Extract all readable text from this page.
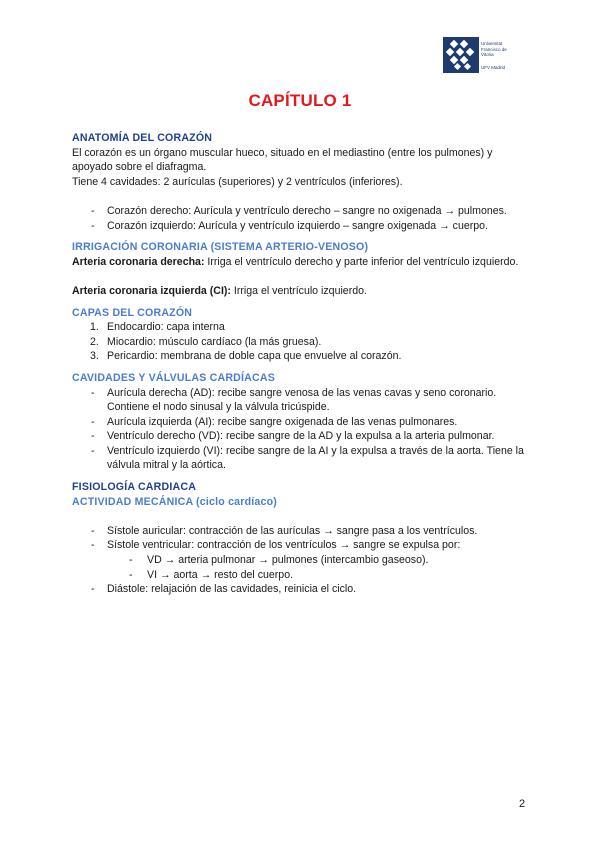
Universitat
Francisco de
Vitoria
UFV Madrid
CAPÍTULO 1
ANATOMÍA DEL CORAZÓN

El corazón es un órgano muscular hueco, situado en el mediastino (entre los pulmones) y apoyado sobre el diafragma.

Tiene 4 cavidades: 2 aurículas (superiores) y 2 ventrículos (inferiores).

- Corazón derecho: Aurícula y ventrículo derecho – sangre no oxigenada → pulmones.
- Corazón izquierdo: Aurícula y ventrículo izquierdo – sangre oxigenada → cuerpo.
IRRIGACIÓN CORONARIA (SISTEMA ARTERIO-VENOSO)

Arteria coronaria derecha: Irriga el ventrículo derecho y parte inferior del ventrículo izquierdo.

Arteria coronaria izquierda (CI): Irriga el ventrículo izquierdo.

CAPAS DEL CORAZÓN
1. Endocardio: capa interna
2. Miocardio: músculo cardíaco (la más gruesa).
3. Pericardio: membrana de doble capa que envuelve al corazón.
CAVIDADES Y VÁLVULAS CARDÍACAS
- Aurícula derecha (AD): recibe sangre venosa de las venas cavas y seno coronario. Contiene el nodo sinusal y la válvula tricúspide.
- Aurícula izquierda (AI): recibe sangre oxigenada de las venas pulmonares.
- Ventrículo derecho (VD): recibe sangre de la AD y la expulsa a la arteria pulmonar.
- Ventrículo izquierdo (VI): recibe sangre de la AI y la expulsa a través de la aorta. Tiene la válvula mitral y la aórtica.
FISIOLOGÍA CARDIACA
ACTIVIDAD MECÁNICA (ciclo cardíaco)
- Sístole auricular: contracción de las aurículas → sangre pasa a los ventrículos.
- Sístole ventricular: contracción de los ventrículos → sangre se expulsa por:
- VD → arteria pulmonar → pulmones (intercambio gaseoso).
- VI → aorta → resto del cuerpo.
- Diástole: relajación de las cavidades, reinicia el ciclo.
2
